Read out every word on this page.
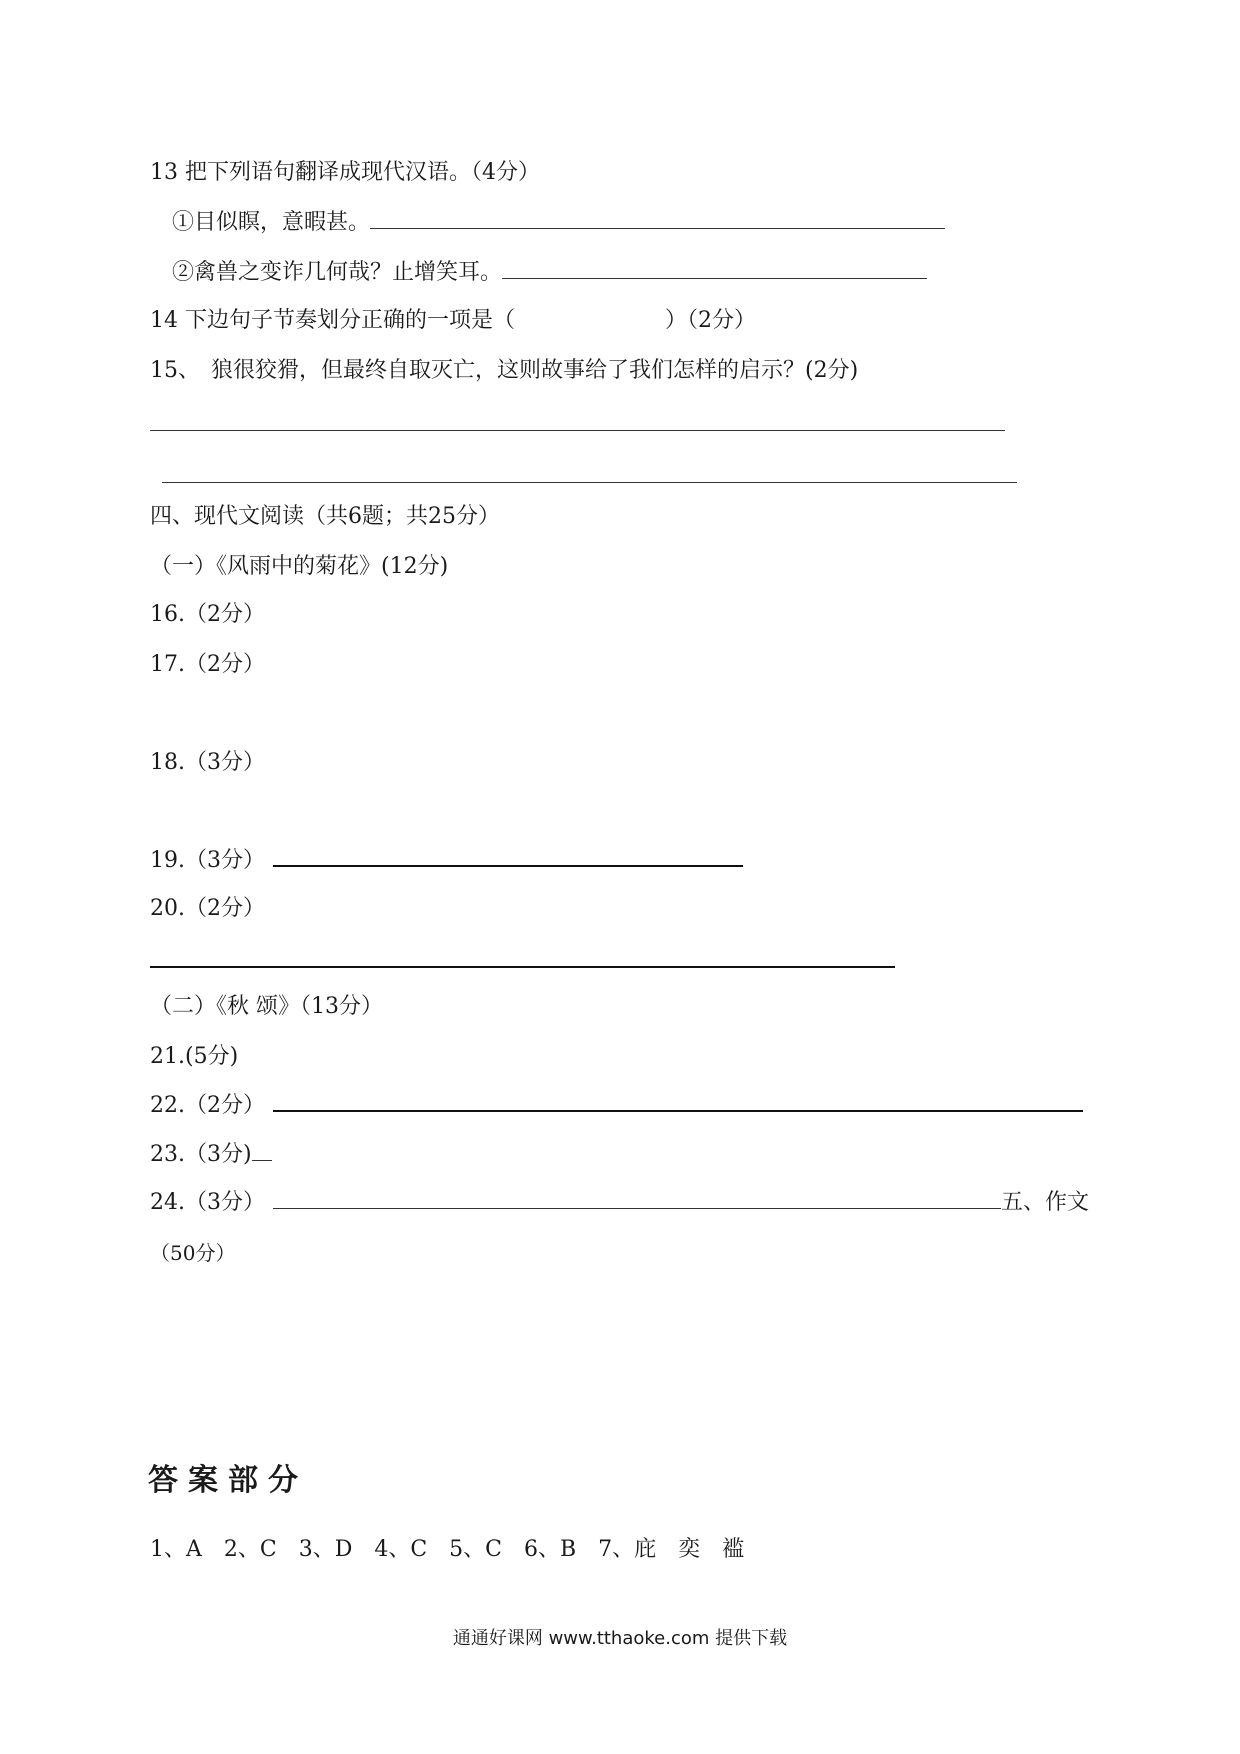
13 把下列语句翻译成现代汉语。（4分）
①目似瞑，意暇甚。
②禽兽之变诈几何哉？止增笑耳。
14 下边句子节奏划分正确的一项是（	）（2分）
15、　狼很狡猾，但最终自取灭亡，这则故事给了我们怎样的启示？(2分)
四、现代文阅读（共6题；共25分）
（一）《风雨中的菊花》(12分)
16.（2分）
17.（2分）
18.（3分）
19.（3分）
20.（2分）
（二）《秋 颂》（13分）
21.(5分)
22.（2分）
23.（3分)
24.（3分）	五、作文
（50分）
答案部分
1、A　2、C　3、D　4、C　5、C　6、B　7、庇　奕　褴
通通好课网 www.tthaoke.com 提供下载
